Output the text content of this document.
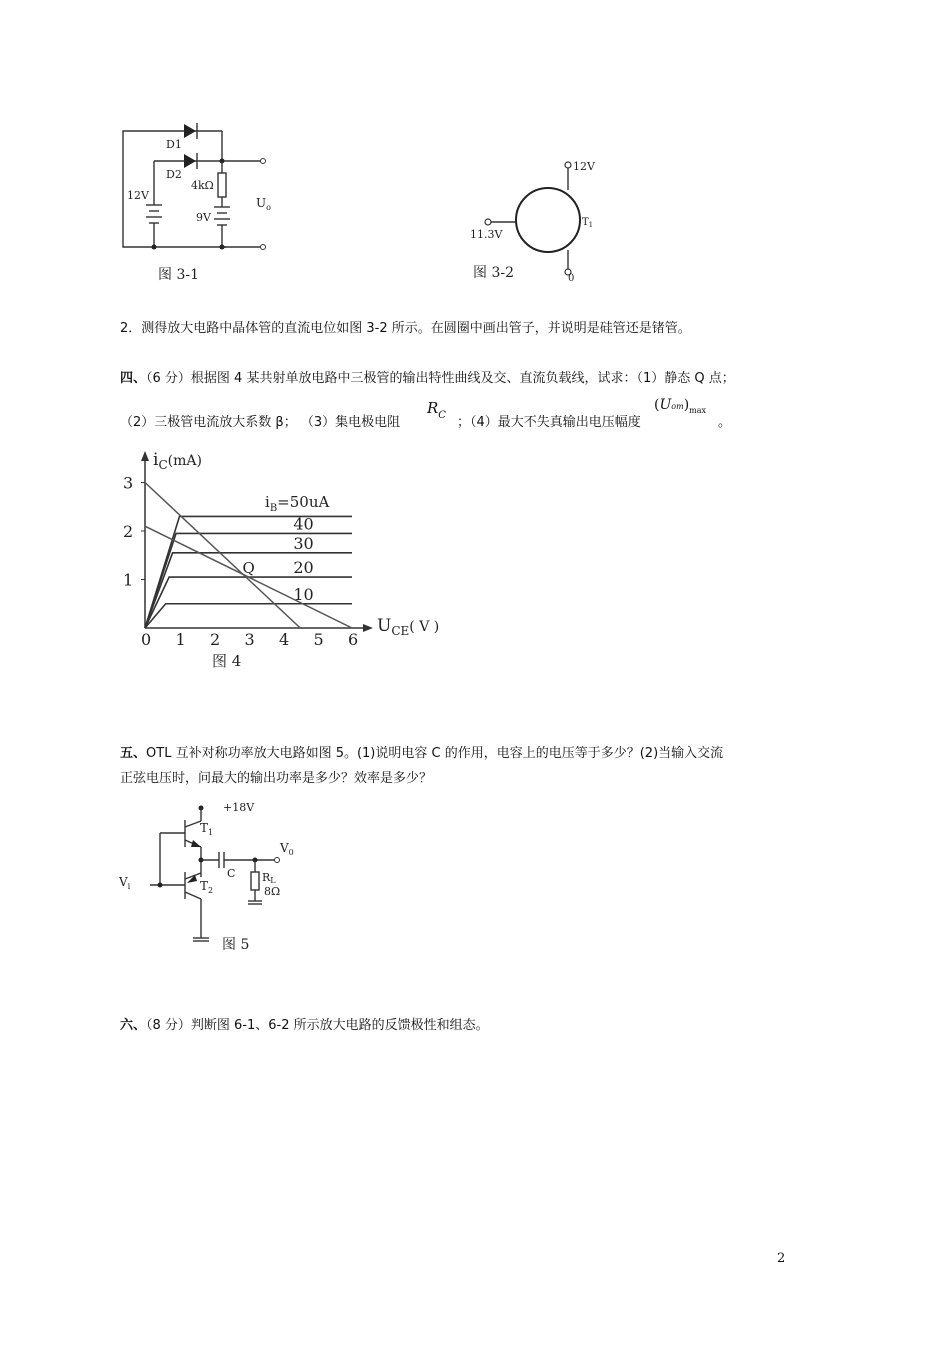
D1
D2
4kΩ
12V
9V
$U_o$
图 3-1
12V
11.3V
$T_1$
0
图 3-2
2．测得放大电路中晶体管的直流电位如图 3-2 所示。在圆圈中画出管子，并说明是硅管还是锗管。
四、（6 分）根据图 4 某共射单放电路中三极管的输出特性曲线及交、直流负载线，试求：（1）静态 Q 点；
（2）三极管电流放大系数 β； （3）集电极电阻
$R_C$ ；（4）最大不失真输出电压幅度
$(Uom)_{max}$
。
$i_C^{(mA)}$
$U_{CE}^{( V )}$
$i_B=50uA$
3
2
1
0 1 2 3 4 5 6
40
30
20
10
Q
图 4
五、OTL 互补对称功率放大电路如图 5。(1)说明电容 C 的作用，电容上的电压等于多少？(2)当输入交流
正弦电压时，问最大的输出功率是多少？效率是多少？
+18V
$T_1$
$T_2$
$V_0$
$V_i$
C RL
8Ω
图 5
六、（8 分）判断图 6-1、6-2 所示放大电路的反馈极性和组态。
2
